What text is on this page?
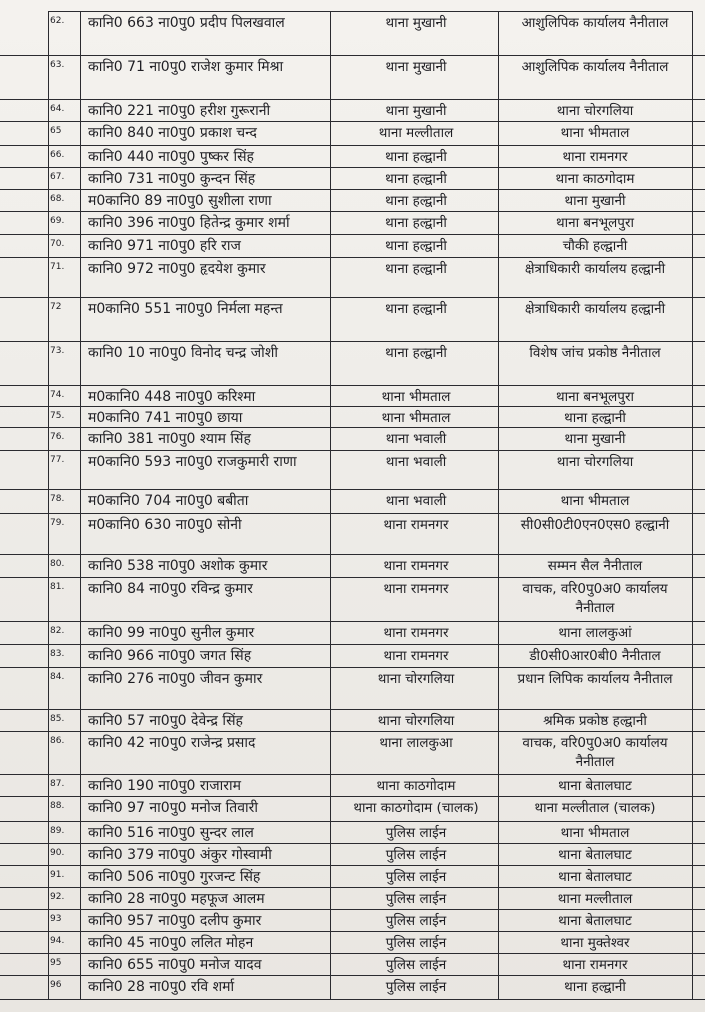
62.	कानि0 663 ना0पु0 प्रदीप पिलखवाल	थाना मुखानी	आशुलिपिक कार्यालय नैनीताल
63.	कानि0 71 ना0पु0 राजेश कुमार मिश्रा	थाना मुखानी	आशुलिपिक कार्यालय नैनीताल
64.	कानि0 221 ना0पु0 हरीश गुरूरानी	थाना मुखानी	थाना चोरगलिया
65	कानि0 840 ना0पु0 प्रकाश चन्द	थाना मल्लीताल	थाना भीमताल
66.	कानि0 440 ना0पु0 पुष्कर सिंह	थाना हल्द्वानी	थाना रामनगर
67.	कानि0 731 ना0पु0 कुन्दन सिंह	थाना हल्द्वानी	थाना काठगोदाम
68.	म0कानि0 89 ना0पु0 सुशीला राणा	थाना हल्द्वानी	थाना मुखानी
69.	कानि0 396 ना0पु0 हितेन्द्र कुमार शर्मा	थाना हल्द्वानी	थाना बनभूलपुरा
70.	कानि0 971 ना0पु0 हरि राज	थाना हल्द्वानी	चौकी हल्द्वानी
71.	कानि0 972 ना0पु0 हृदयेश कुमार	थाना हल्द्वानी	क्षेत्राधिकारी कार्यालय हल्द्वानी
72	म0कानि0 551 ना0पु0 निर्मला महन्त	थाना हल्द्वानी	क्षेत्राधिकारी कार्यालय हल्द्वानी
73.	कानि0 10 ना0पु0 विनोद चन्द्र जोशी	थाना हल्द्वानी	विशेष जांच प्रकोष्ठ नैनीताल
74.	म0कानि0 448 ना0पु0 करिश्मा	थाना भीमताल	थाना बनभूलपुरा
75.	म0कानि0 741 ना0पु0 छाया	थाना भीमताल	थाना हल्द्वानी
76.	कानि0 381 ना0पु0 श्याम सिंह	थाना भवाली	थाना मुखानी
77.	म0कानि0 593 ना0पु0 राजकुमारी राणा	थाना भवाली	थाना चोरगलिया
78.	म0कानि0 704 ना0पु0 बबीता	थाना भवाली	थाना भीमताल
79.	म0कानि0 630 ना0पु0 सोनी	थाना रामनगर	सी0सी0टी0एन0एस0 हल्द्वानी
80.	कानि0 538 ना0पु0 अशोक कुमार	थाना रामनगर	सम्मन सैल नैनीताल
81.	कानि0 84 ना0पु0 रविन्द्र कुमार	थाना रामनगर	वाचक, वरि0पु0अ0 कार्यालय नैनीताल
82.	कानि0 99 ना0पु0 सुनील कुमार	थाना रामनगर	थाना लालकुआं
83.	कानि0 966 ना0पु0 जगत सिंह	थाना रामनगर	डी0सी0आर0बी0 नैनीताल
84.	कानि0 276 ना0पु0 जीवन कुमार	थाना चोरगलिया	प्रधान लिपिक कार्यालय नैनीताल
85.	कानि0 57 ना0पु0 देवेन्द्र सिंह	थाना चोरगलिया	श्रमिक प्रकोष्ठ हल्द्वानी
86.	कानि0 42 ना0पु0 राजेन्द्र प्रसाद	थाना लालकुआ	वाचक, वरि0पु0अ0 कार्यालय नैनीताल
87.	कानि0 190 ना0पु0 राजाराम	थाना काठगोदाम	थाना बेतालघाट
88.	कानि0 97 ना0पु0 मनोज तिवारी	थाना काठगोदाम (चालक)	थाना मल्लीताल (चालक)
89.	कानि0 516 ना0पु0 सुन्दर लाल	पुलिस लाईन	थाना भीमताल
90.	कानि0 379 ना0पु0 अंकुर गोस्वामी	पुलिस लाईन	थाना बेतालघाट
91.	कानि0 506 ना0पु0 गुरजन्ट सिंह	पुलिस लाईन	थाना बेतालघाट
92.	कानि0 28 ना0पु0 महफूज आलम	पुलिस लाईन	थाना मल्लीताल
93	कानि0 957 ना0पु0 दलीप कुमार	पुलिस लाईन	थाना बेतालघाट
94.	कानि0 45 ना0पु0 ललित मोहन	पुलिस लाईन	थाना मुक्तेश्वर
95	कानि0 655 ना0पु0 मनोज यादव	पुलिस लाईन	थाना रामनगर
96	कानि0 28 ना0पु0 रवि शर्मा	पुलिस लाईन	थाना हल्द्वानी
